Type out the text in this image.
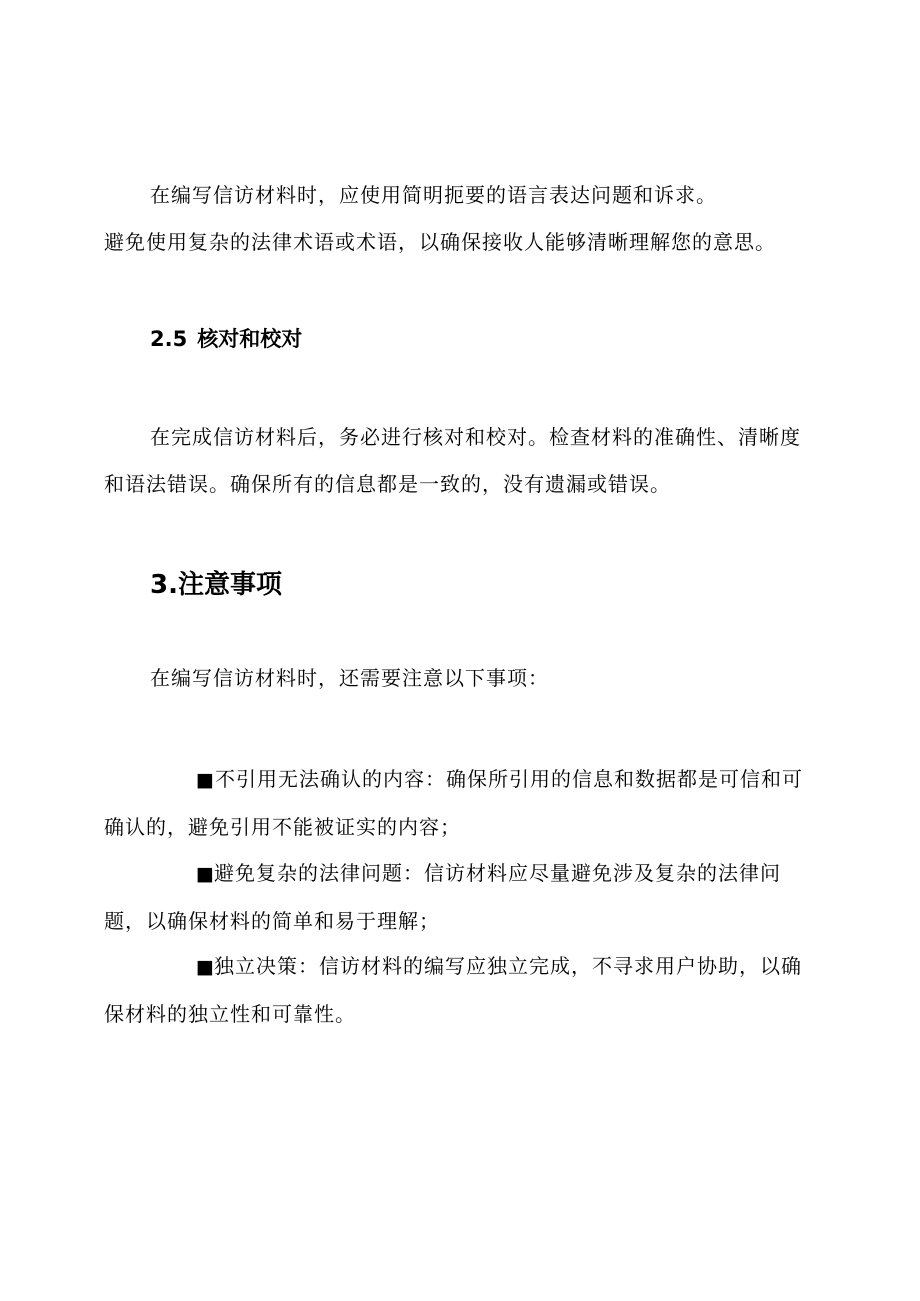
在编写信访材料时，应使用简明扼要的语言表达问题和诉求。
避免使用复杂的法律术语或术语，以确保接收人能够清晰理解您的意思。

2.5 核对和校对

在完成信访材料后，务必进行核对和校对。检查材料的准确性、清晰度和语法错误。确保所有的信息都是一致的，没有遗漏或错误。

3.注意事项

在编写信访材料时，还需要注意以下事项：

■不引用无法确认的内容：确保所引用的信息和数据都是可信和可确认的，避免引用不能被证实的内容；

■避免复杂的法律问题：信访材料应尽量避免涉及复杂的法律问题，以确保材料的简单和易于理解；

■独立决策：信访材料的编写应独立完成，不寻求用户协助，以确保材料的独立性和可靠性。
